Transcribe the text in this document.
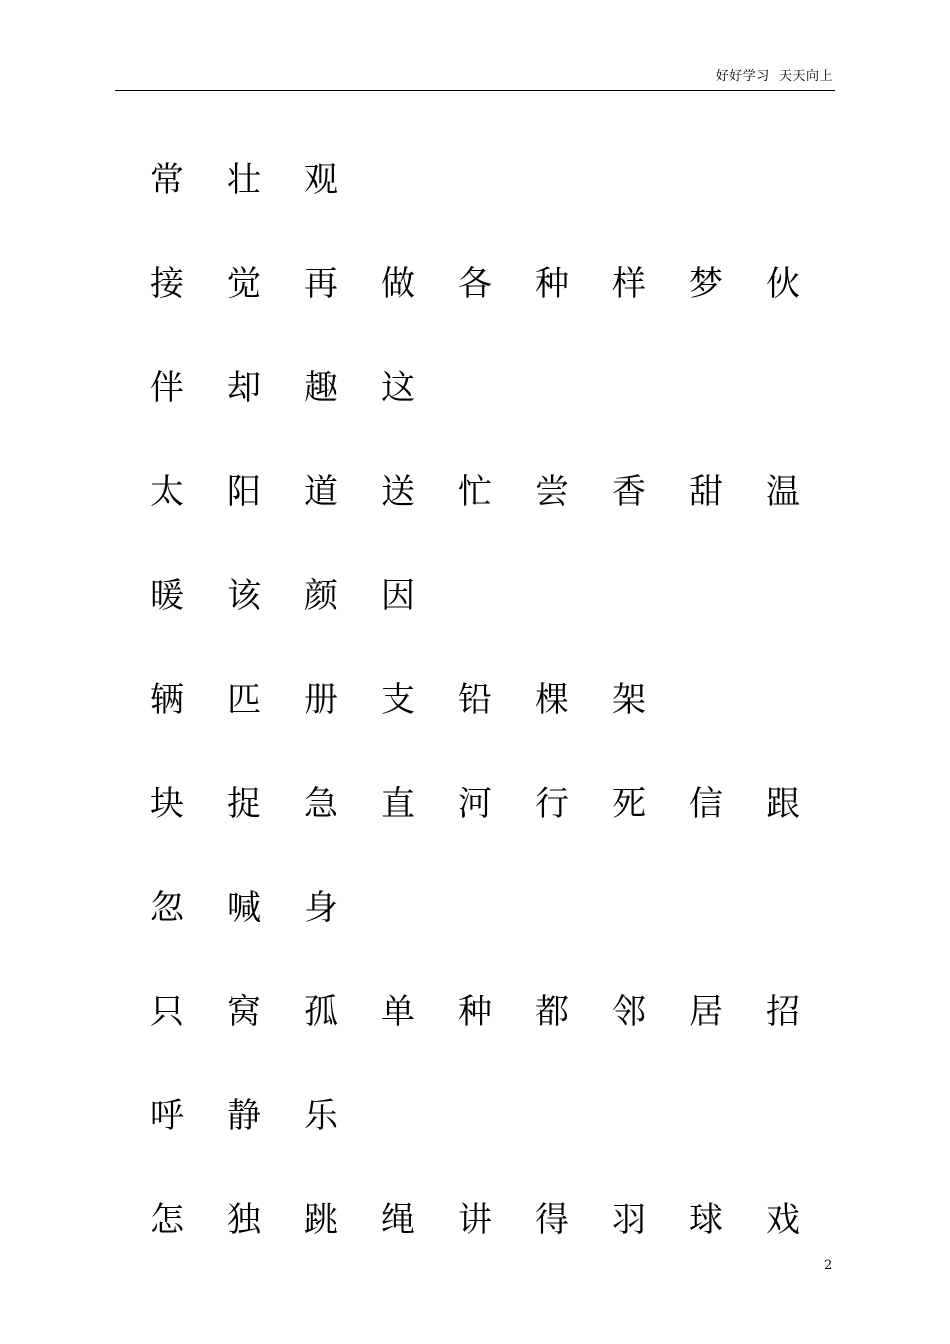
好好学习  天天向上
常	壮	观
接	觉	再	做	各	种	样	梦	伙
伴	却	趣	这
太	阳	道	送	忙	尝	香	甜	温
暖	该	颜	因
辆	匹	册	支	铅	棵	架
块	捉	急	直	河	行	死	信	跟
忽	喊	身
只	窝	孤	单	种	都	邻	居	招
呼	静	乐
怎	独	跳	绳	讲	得	羽	球	戏
2
